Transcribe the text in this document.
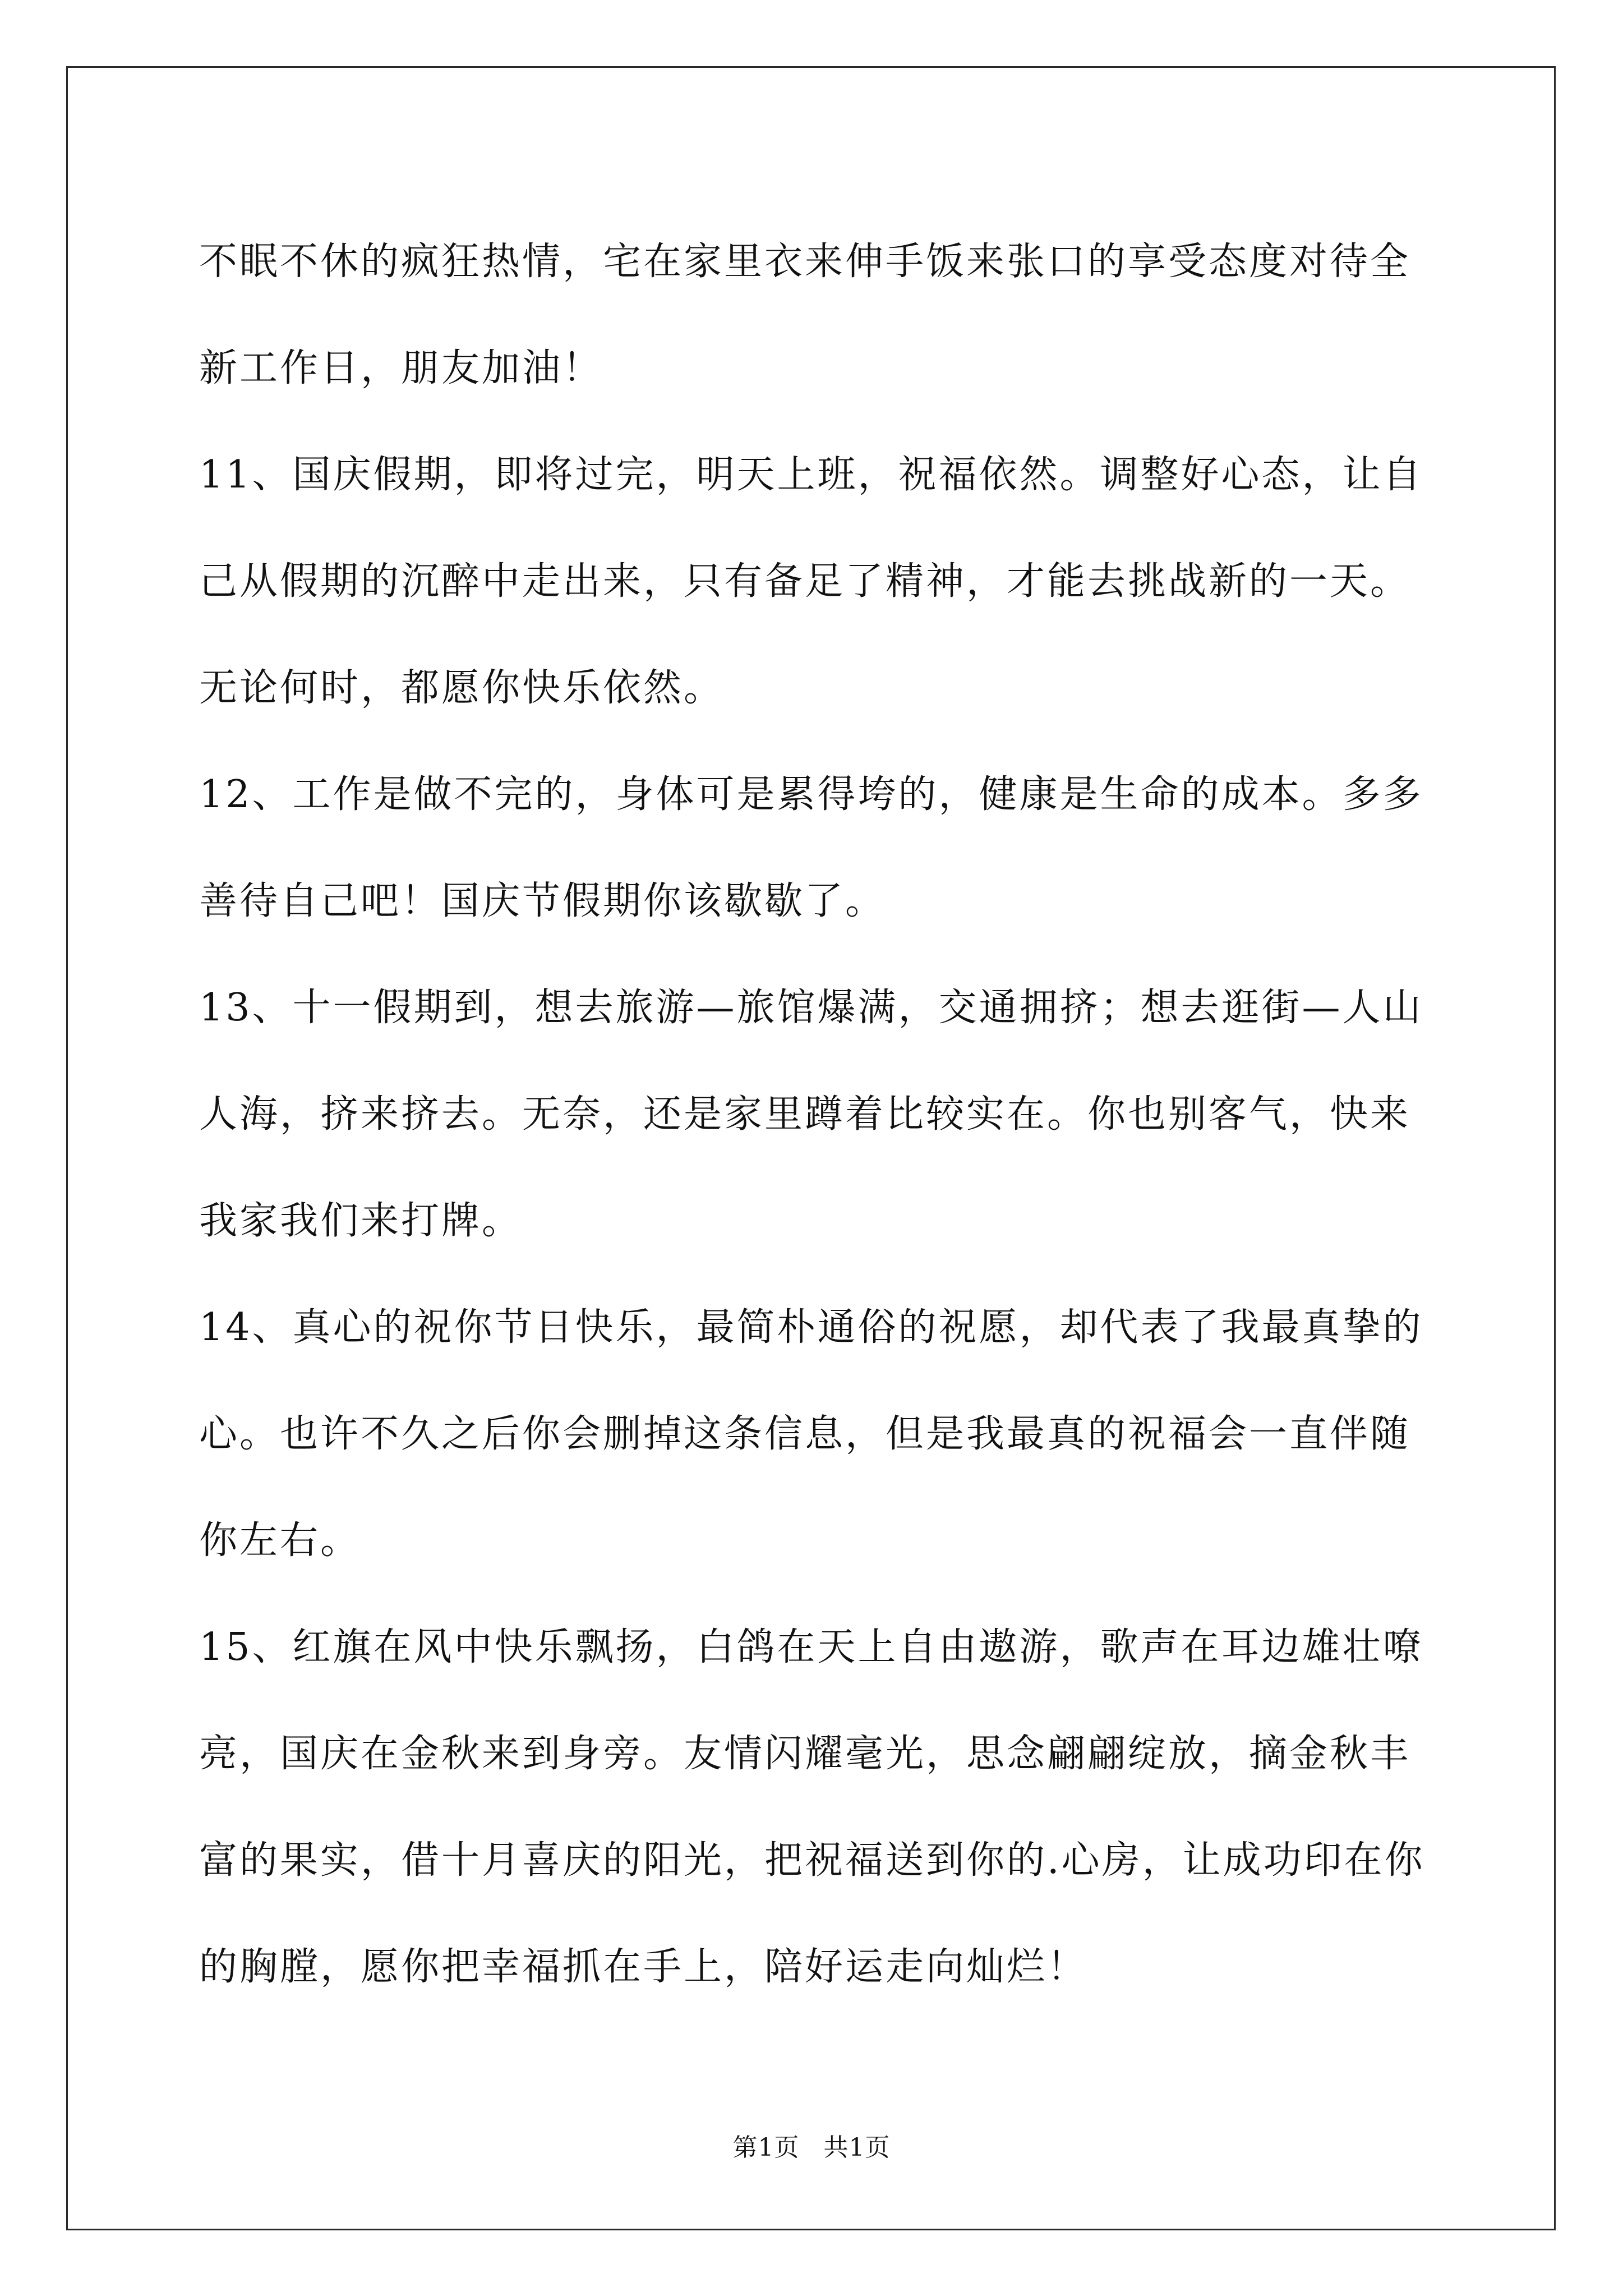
不眠不休的疯狂热情，宅在家里衣来伸手饭来张口的享受态度对待全
新工作日，朋友加油！
11、国庆假期，即将过完，明天上班，祝福依然。调整好心态，让自
己从假期的沉醉中走出来，只有备足了精神，才能去挑战新的一天。
无论何时，都愿你快乐依然。
12、工作是做不完的，身体可是累得垮的，健康是生命的成本。多多
善待自己吧！国庆节假期你该歇歇了。
13、十一假期到，想去旅游—旅馆爆满，交通拥挤；想去逛街—人山
人海，挤来挤去。无奈，还是家里蹲着比较实在。你也别客气，快来
我家我们来打牌。
14、真心的祝你节日快乐，最简朴通俗的祝愿，却代表了我最真挚的
心。也许不久之后你会删掉这条信息，但是我最真的祝福会一直伴随
你左右。
15、红旗在风中快乐飘扬，白鸽在天上自由遨游，歌声在耳边雄壮嘹
亮，国庆在金秋来到身旁。友情闪耀毫光，思念翩翩绽放，摘金秋丰
富的果实，借十月喜庆的阳光，把祝福送到你的.心房，让成功印在你
的胸膛，愿你把幸福抓在手上，陪好运走向灿烂！
第1页 共1页
